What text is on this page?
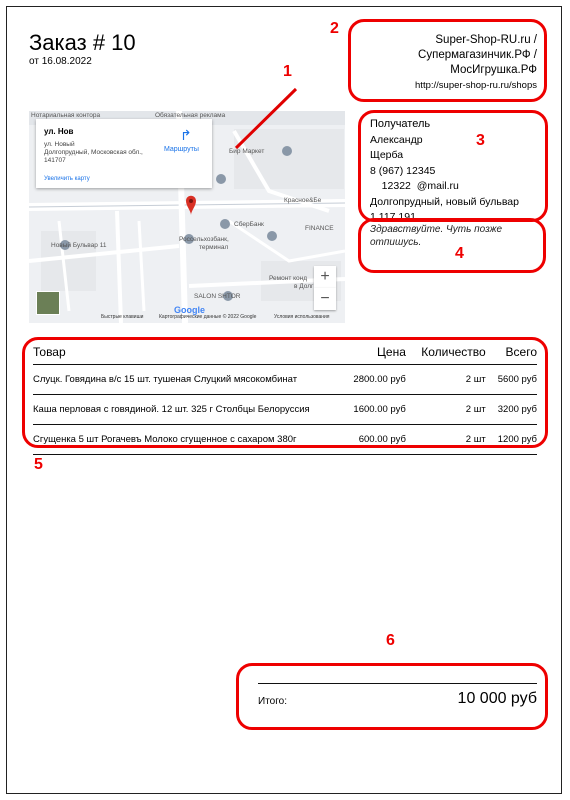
Заказ # 10
от 16.08.2022
Нотариальная контора	Обязательная реклама
Бир Маркет
Красное&Бе
СберБанк
FINANCE
Россельхозбанк,
терминал
Новый Бульвар 11
Ремонт конд
в Долг
SALON SHTOR
ул. Нов
ул. Новый
Долгопрудный, Московская обл.,
141707
Увеличить карту
↱
Маршруты
+
−
Google
Быстрые клавиши	Картографические данные © 2022 Google	Условия использования
Super-Shop-RU.ru /
Супермагазинчик.РФ /
МосИгрушка.РФ
http://super-shop-ru.ru/shops
Получатель
Александр
Щерба
8 (967) 12345
12322  @mail.ru
Долгопрудный, новый бульвар
1 117 191
Здравствуйте. Чуть позже отпишусь.
Товар	Цена	Количество	Всего
Слуцк. Говядина в/с 15 шт. тушеная Слуцкий мясокомбинат	2800.00 руб	2 шт	5600 руб
Каша перловая с говядиной. 12 шт. 325 г Столбцы Белоруссия	1600.00 руб	2 шт	3200 руб
Сгущенка 5 шт Рогачевъ Молоко сгущенное с сахаром 380г	600.00 руб	2 шт	1200 руб
Итого:	10 000 руб
1
2
3
4
5
6
